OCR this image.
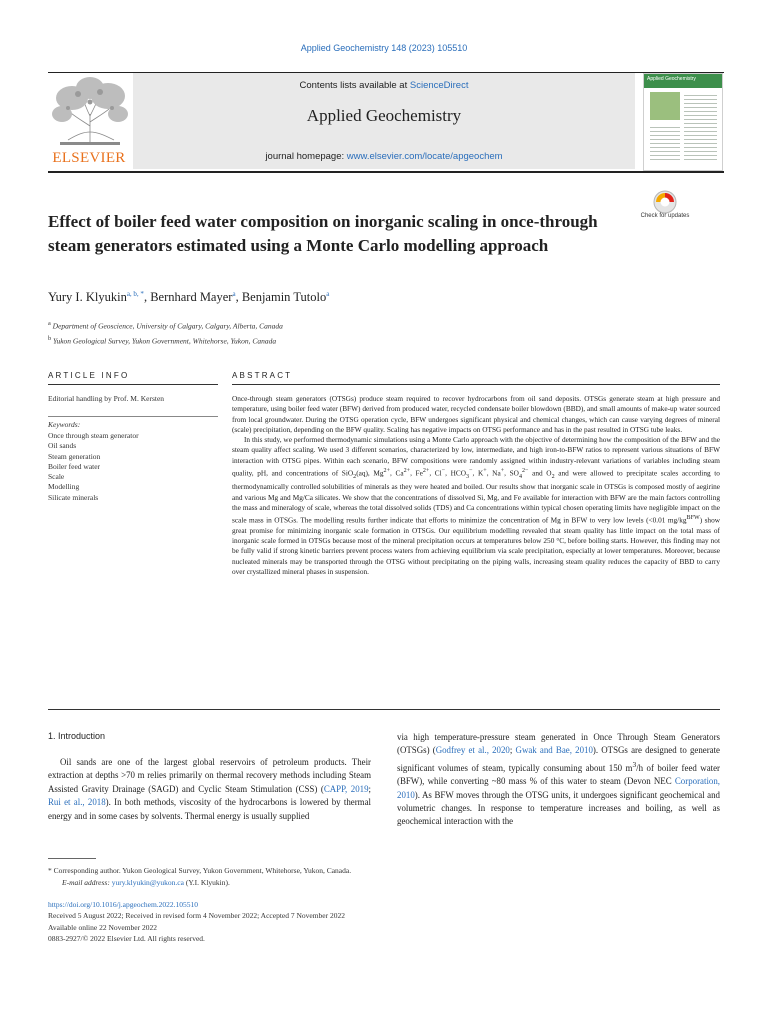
Applied Geochemistry 148 (2023) 105510
ELSEVIER
Contents lists available at ScienceDirect
Applied Geochemistry
journal homepage: www.elsevier.com/locate/apgeochem
Applied Geochemistry
Effect of boiler feed water composition on inorganic scaling in once-through steam generators estimated using a Monte Carlo modelling approach
Check for updates
Yury I. Klyukin$^{a, b, *}$, Bernhard Mayer$^a$, Benjamin Tutolo$^a$
$^a$ Department of Geoscience, University of Calgary, Calgary, Alberta, Canada
$^b$ Yukon Geological Survey, Yukon Government, Whitehorse, Yukon, Canada
ARTICLE INFO	ABSTRACT
Editorial handling by Prof. M. Kersten
Keywords:
Once through steam generator
Oil sands
Steam generation
Boiler feed water
Scale
Modelling
Silicate minerals

Once-through steam generators (OTSGs) produce steam required to recover hydrocarbons from oil sand deposits. OTSGs generate steam at high pressure and temperature, using boiler feed water (BFW) derived from produced water, recycled condensate boiler blowdown (BBD), and small amounts of make-up water sourced from local groundwater. During the OTSG operation cycle, BFW undergoes significant physical and chemical changes, which can cause varying degrees of mineral (scale) precipitation, depending on the BFW quality. Scaling has negative impacts on OTSG performance and has in the past resulted in OTSG tube leaks.

In this study, we performed thermodynamic simulations using a Monte Carlo approach with the objective of determining how the composition of the BFW and the steam quality affect scaling. We used 3 different scenarios, characterized by low, intermediate, and high iron-to-BFW ratios to represent various situations of BFW interaction with OTSG pipes. Within each scenario, BFW compositions were randomly assigned within industry-relevant variations of variables including steam quality, pH, and concentrations of SiO$_2$(aq), $Mg^{2+}$, $Ca^{2+}$, $Fe^{2+}$, Cl−, $HCO_3^-$, K+, Na+, $SO_4^{2-}$ and $O_2$ and were allowed to precipitate scales according to thermodynamically controlled solubilities of minerals as they were heated and boiled. Our results show that inorganic scale in OTSGs is composed mostly of aegirine and various Mg and Mg/Ca silicates. We show that the concentrations of dissolved Si, Mg, and Fe available for interaction with BFW are the main factors controlling the mass and mineralogy of scale, whereas the total dissolved solids (TDS) and Ca concentrations within typical chosen operating limits have negligible impact on the scale mass in OTSGs. The modelling results further indicate that efforts to minimize the concentration of Mg in BFW to very low levels (<0.01 $mg/kg^{BFW}$) show great promise for minimizing inorganic scale formation in OTSGs. Our equilibrium modelling revealed that steam quality has little impact on the total mass of inorganic scale formed in OTSGs because most of the mineral precipitation occurs at temperatures below 250 °C, before boiling starts. However, this finding may not be fully valid if strong kinetic barriers prevent process waters from achieving equilibrium via scale precipitation, especially at lower temperatures. Moreover, because nucleated minerals may be transported through the OTSG without precipitating on the piping walls, increasing steam quality reduces the capacity of BBD to carry over crystallized mineral phases in suspension.

1. Introduction
Oil sands are one of the largest global reservoirs of petroleum products. Their extraction at depths >70 m relies primarily on thermal recovery methods including Steam Assisted Gravity Drainage (SAGD) and Cyclic Steam Stimulation (CSS) (CAPP, 2019; Rui et al., 2018). In both methods, viscosity of the hydrocarbons is lowered by thermal energy and in some cases by solvents. Thermal energy is usually supplied
via high temperature-pressure steam generated in Once Through Steam Generators (OTSGs) (Godfrey et al., 2020; Gwak and Bae, 2010). OTSGs are designed to generate significant volumes of steam, typically consuming about 150 $m^3/h$ of boiler feed water (BFW), while converting ~80 mass % of this water to steam (Devon NEC Corporation, 2010). As BFW moves through the OTSG units, it undergoes significant geochemical and volumetric changes. In response to temperature increases and boiling, as well as geochemical interaction with the
* Corresponding author. Yukon Geological Survey, Yukon Government, Whitehorse, Yukon, Canada.
E-mail address: yury.klyukin@yukon.ca (Y.I. Klyukin).
https://doi.org/10.1016/j.apgeochem.2022.105510
Received 5 August 2022; Received in revised form 4 November 2022; Accepted 7 November 2022
Available online 22 November 2022
0883-2927/© 2022 Elsevier Ltd. All rights reserved.
